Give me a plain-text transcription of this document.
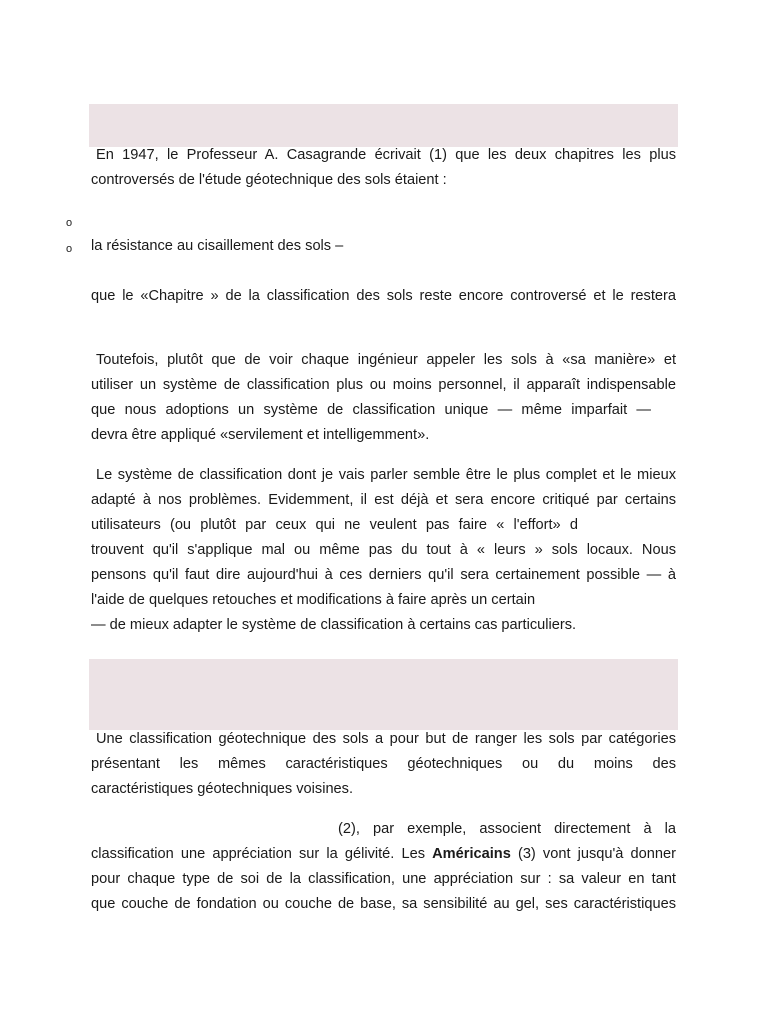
En 1947, le Professeur A. Casagrande écrivait (1) que les deux chapitres les plus
controversés de l'étude géotechnique des sols étaient :

o
o la résistance au cisaillement des sols –
que le «Chapitre » de la classification des sols reste encore controversé et le restera

Toutefois, plutôt que de voir chaque ingénieur appeler les sols à «sa manière» et
utiliser un système de classification plus ou moins personnel, il apparaît indispensable
que nous adoptions un système de classification unique — même imparfait —
devra être appliqué «servilement et intelligemment».

Le système de classification dont je vais parler semble être le plus complet et le mieux
adapté à nos problèmes. Evidemment, il est déjà et sera encore critiqué par certains
utilisateurs (ou plutôt par ceux qui ne veulent pas faire « l'effort» d
trouvent qu'il s'applique mal ou même pas du tout à « leurs » sols locaux. Nous
pensons qu'il faut dire aujourd'hui à ces derniers qu'il sera certainement possible — à
l'aide de quelques retouches et modifications à faire après un certain
— de mieux adapter le système de classification à certains cas particuliers.

Une classification géotechnique des sols a pour but de ranger les sols par catégories
présentant les mêmes caractéristiques géotechniques ou du moins des
caractéristiques géotechniques voisines.

(2), par exemple, associent directement à la
classification une appréciation sur la gélivité. Les Américains (3) vont jusqu'à donner
pour chaque type de soi de la classification, une appréciation sur : sa valeur en tant
que couche de fondation ou couche de base, sa sensibilité au gel, ses caractéristiques
